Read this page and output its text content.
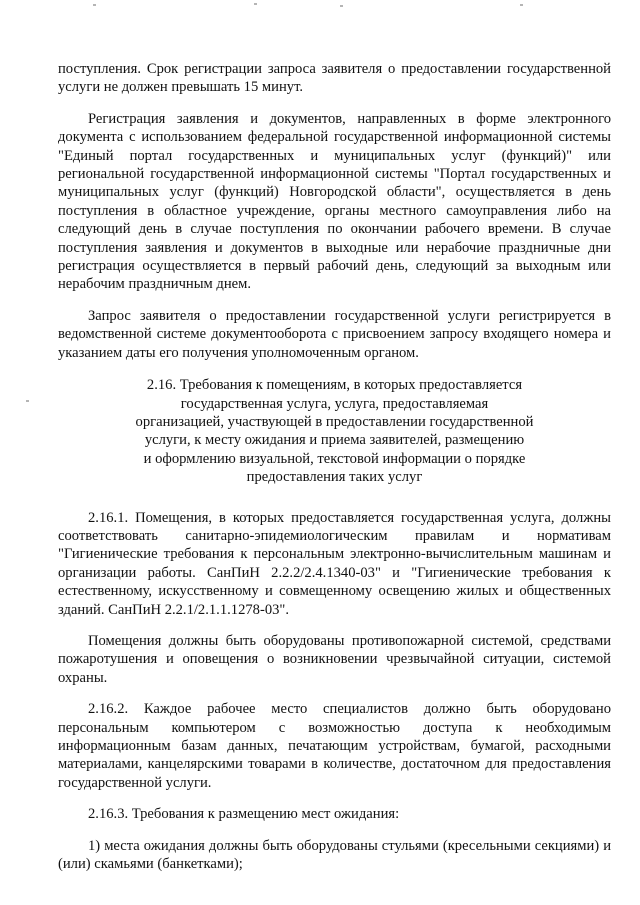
поступления. Срок регистрации запроса заявителя о предоставлении государственной услуги не должен превышать 15 минут.

Регистрация заявления и документов, направленных в форме электронного документа с использованием федеральной государственной информационной системы "Единый портал государственных и муниципальных услуг (функций)" или региональной государственной информационной системы "Портал государственных и муниципальных услуг (функций) Новгородской области", осуществляется в день поступления в областное учреждение, органы местного самоуправления либо на следующий день в случае поступления по окончании рабочего времени. В случае поступления заявления и документов в выходные или нерабочие праздничные дни регистрация осуществляется в первый рабочий день, следующий за выходным или нерабочим праздничным днем.

Запрос заявителя о предоставлении государственной услуги регистрируется в ведомственной системе документооборота с присвоением запросу входящего номера и указанием даты его получения уполномоченным органом.

2.16. Требования к помещениям, в которых предоставляется
государственная услуга, услуга, предоставляемая
организацией, участвующей в предоставлении государственной
услуги, к месту ожидания и приема заявителей, размещению
и оформлению визуальной, текстовой информации о порядке
предоставления таких услуг

2.16.1. Помещения, в которых предоставляется государственная услуга, должны соответствовать санитарно-эпидемиологическим правилам и нормативам "Гигиенические требования к персональным электронно-вычислительным машинам и организации работы. СанПиН 2.2.2/2.4.1340-03" и "Гигиенические требования к естественному, искусственному и совмещенному освещению жилых и общественных зданий. СанПиН 2.2.1/2.1.1.1278-03".

Помещения должны быть оборудованы противопожарной системой, средствами пожаротушения и оповещения о возникновении чрезвычайной ситуации, системой охраны.

2.16.2. Каждое рабочее место специалистов должно быть оборудовано персональным компьютером с возможностью доступа к необходимым информационным базам данных, печатающим устройствам, бумагой, расходными материалами, канцелярскими товарами в количестве, достаточном для предоставления государственной услуги.

2.16.3. Требования к размещению мест ожидания:

1) места ожидания должны быть оборудованы стульями (кресельными секциями) и (или) скамьями (банкетками);
